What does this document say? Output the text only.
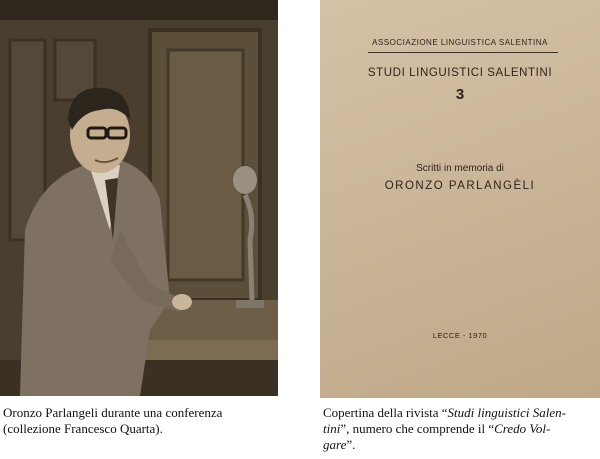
ASSOCIAZIONE LINGUISTICA SALENTINA
STUDI LINGUISTICI SALENTINI
3
Scritti in memoria di
ORONZO PARLANGÈLI
LECCE - 1970
Oronzo Parlangeli durante una conferenza
(collezione Francesco Quarta).
Copertina della rivista “Studi linguistici Salen-
tini”, numero che comprende il “Credo Vol-
gare”.
